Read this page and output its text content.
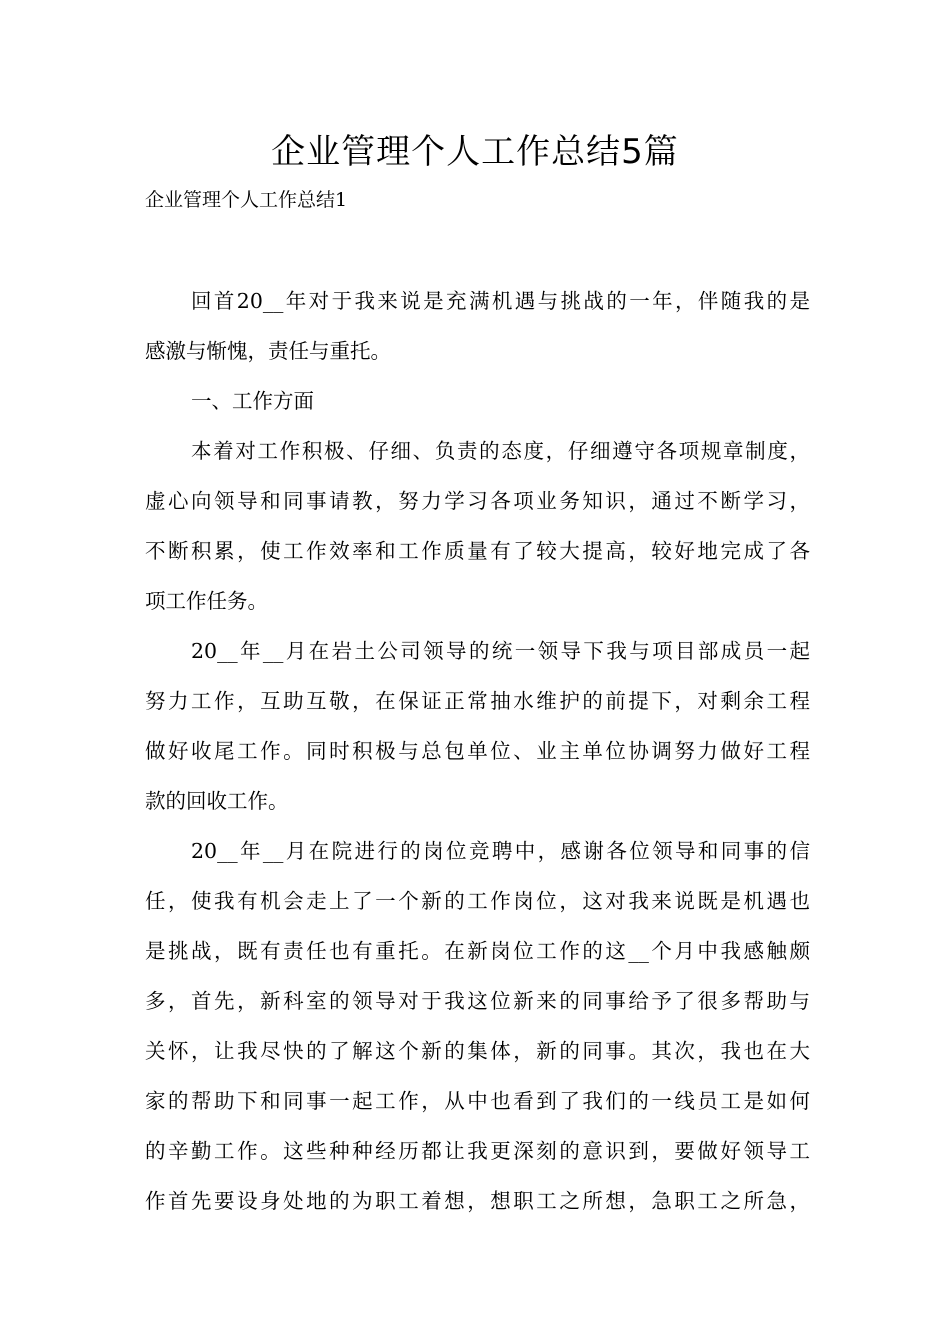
企业管理个人工作总结5篇
企业管理个人工作总结1
回首20__年对于我来说是充满机遇与挑战的一年，伴随我的是
感激与惭愧，责任与重托。
一、工作方面
本着对工作积极、仔细、负责的态度，仔细遵守各项规章制度，
虚心向领导和同事请教，努力学习各项业务知识，通过不断学习，
不断积累，使工作效率和工作质量有了较大提高，较好地完成了各
项工作任务。
20__年__月在岩土公司领导的统一领导下我与项目部成员一起
努力工作，互助互敬，在保证正常抽水维护的前提下，对剩余工程
做好收尾工作。同时积极与总包单位、业主单位协调努力做好工程
款的回收工作。
20__年__月在院进行的岗位竞聘中，感谢各位领导和同事的信
任，使我有机会走上了一个新的工作岗位，这对我来说既是机遇也
是挑战，既有责任也有重托。在新岗位工作的这__个月中我感触颇
多，首先，新科室的领导对于我这位新来的同事给予了很多帮助与
关怀，让我尽快的了解这个新的集体，新的同事。其次，我也在大
家的帮助下和同事一起工作，从中也看到了我们的一线员工是如何
的辛勤工作。这些种种经历都让我更深刻的意识到，要做好领导工
作首先要设身处地的为职工着想，想职工之所想，急职工之所急，
